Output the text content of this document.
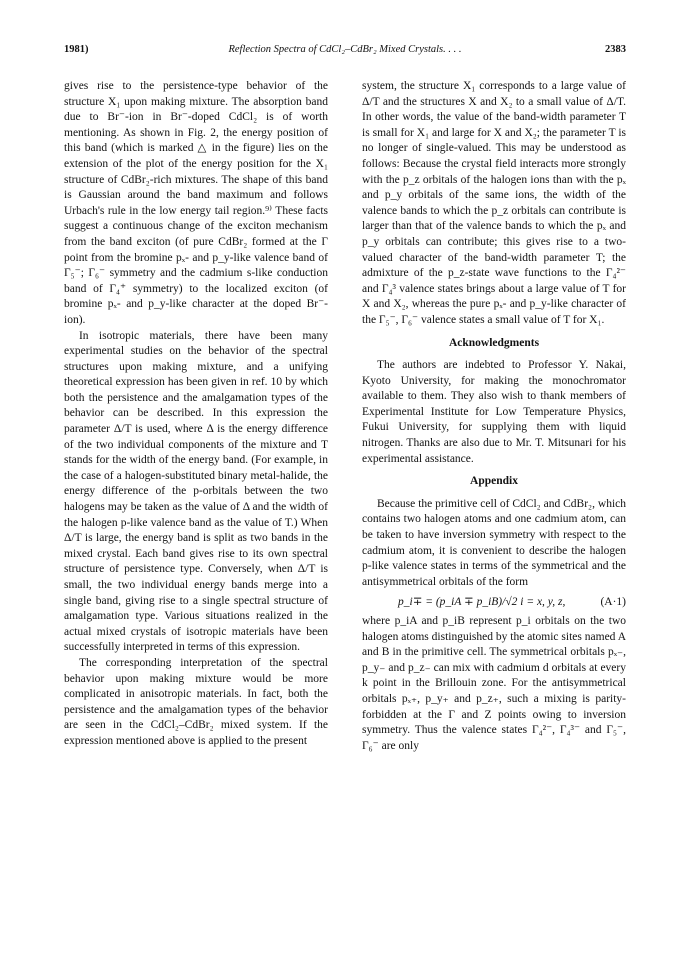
1981)	Reflection Spectra of CdCl₂–CdBr₂ Mixed Crystals. . . .	2383

gives rise to the persistence-type behavior of the structure X₁ upon making mixture. The absorption band due to Br⁻-ion in Br⁻-doped CdCl₂ is of worth mentioning. As shown in Fig. 2, the energy position of this band (which is marked △ in the figure) lies on the extension of the plot of the energy position for the X₁ structure of CdBr₂-rich mixtures. The shape of this band is Gaussian around the band maximum and follows Urbach's rule in the low energy tail region.⁹⁾ These facts suggest a continuous change of the exciton mechanism from the band exciton (of pure CdBr₂ formed at the Γ point from the bromine pₓ- and p_y-like valence band of Γ₅⁻; Γ₆⁻ symmetry and the cadmium s-like conduction band of Γ₄⁺ symmetry) to the localized exciton (of bromine pₓ- and p_y-like character at the doped Br⁻-ion).

In isotropic materials, there have been many experimental studies on the behavior of the spectral structures upon making mixture, and a unifying theoretical expression has been given in ref. 10 by which both the persistence and the amalgamation types of the behavior can be described. In this expression the parameter Δ/T is used, where Δ is the energy difference of the two individual components of the mixture and T stands for the width of the energy band. (For example, in the case of a halogen-substituted binary metal-halide, the energy difference of the p-orbitals between the two halogens may be taken as the value of Δ and the width of the halogen p-like valence band as the value of T.) When Δ/T is large, the energy band is split as two bands in the mixed crystal. Each band gives rise to its own spectral structure of persistence type. Conversely, when Δ/T is small, the two individual energy bands merge into a single band, giving rise to a single spectral structure of amalgamation type. Various situations realized in the actual mixed crystals of isotropic materials have been successfully interpreted in terms of this expression.

The corresponding interpretation of the spectral behavior upon making mixture would be more complicated in anisotropic materials. In fact, both the persistence and the amalgamation types of the behavior are seen in the CdCl₂–CdBr₂ mixed system. If the expression mentioned above is applied to the present

system, the structure X₁ corresponds to a large value of Δ/T and the structures X and X₂ to a small value of Δ/T. In other words, the value of the band-width parameter T is small for X₁ and large for X and X₂; the parameter T is no longer of single-valued. This may be understood as follows: Because the crystal field interacts more strongly with the p_z orbitals of the halogen ions than with the pₓ and p_y orbitals of the same ions, the width of the valence bands to which the p_z orbitals can contribute is larger than that of the valence bands to which the pₓ and p_y orbitals can contribute; this gives rise to a two-valued character of the band-width parameter T; the admixture of the p_z-state wave functions to the Γ₄²⁻ and Γ₄³ valence states brings about a large value of T for X and X₂, whereas the pure pₓ- and p_y-like character of the Γ₅⁻, Γ₆⁻ valence states a small value of T for X₁.

Acknowledgments

The authors are indebted to Professor Y. Nakai, Kyoto University, for making the monochromator available to them. They also wish to thank members of Experimental Institute for Low Temperature Physics, Fukui University, for supplying them with liquid nitrogen. Thanks are also due to Mr. T. Mitsunari for his experimental assistance.

Appendix

Because the primitive cell of CdCl₂ and CdBr₂, which contains two halogen atoms and one cadmium atom, can be taken to have inversion symmetry with respect to the cadmium atom, it is convenient to describe the halogen p-like valence states in terms of the symmetrical and the antisymmetrical orbitals of the form

p_i∓ = (p_iA ∓ p_iB)/√2 i = x, y, z,	(A·1)

where p_iA and p_iB represent p_i orbitals on the two halogen atoms distinguished by the atomic sites named A and B in the primitive cell. The symmetrical orbitals pₓ₋, p_y₋ and p_z₋ can mix with cadmium d orbitals at every k point in the Brillouin zone. For the antisymmetrical orbitals pₓ₊, p_y₊ and p_z₊, such a mixing is parity-forbidden at the Γ and Z points owing to inversion symmetry. Thus the valence states Γ₄²⁻, Γ₄³⁻ and Γ₅⁻, Γ₆⁻ are only
